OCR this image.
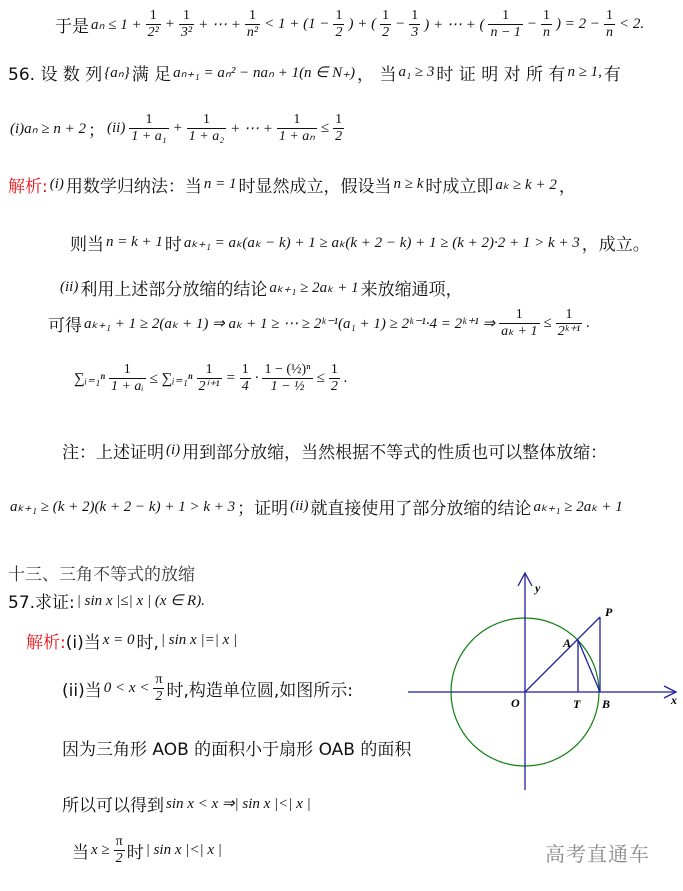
于是 $a_n \le 1 + \frac{1}{\text{2²}} + \frac{1}{\text{3²}}$ + ⋯ + $\frac{1}{\text{n²}} < 1 + (1 - \frac{1}{2}$ ) + ( $\frac{1}{2} - \frac{1}{3}$ ) + ⋯ + ( $\frac{1}{n - 1} - \frac{1}{n}$ ) = $2 - \frac{1}{n} < 2$.
56. 设 数 列 {aₙ} 满 足 aₙ₊₁ = aₙ² − naₙ + 1(n ∈ N₊) ， 当 a₁ ≥ 3 时 证 明 对 所 有 n ≥ 1, 有
(i)aₙ ≥ n + 2 ； $(ii) \frac{1}{\text{1 + a₁}} + \frac{1}{\text{1 + a₂}}$ + ⋯ + $\frac{1}{\text{1 + aₙ}} \le \frac{1}{2}$
解析: (i) 用数学归纳法：当 n = 1 时显然成立，假设当 n ≥ k 时成立即 aₖ ≥ k + 2 ，
则当 n = k + 1 时 aₖ₊₁ = aₖ(aₖ − k) + 1 ≥ aₖ(k + 2 − k) + 1 ≥ (k + 2)·2 + 1 > k + 3 ，成立。
(ii) 利用上述部分放缩的结论 aₖ₊₁ ≥ 2aₖ + 1 来放缩通项，
可得 aₖ₊₁ + 1 ≥ 2(aₖ + 1) ⇒ aₖ + 1 ≥ ⋯ ≥ 2ᵏ⁻¹(a₁ + 1) ≥ 2ᵏ⁻¹·4 = 2ᵏ⁺¹ ⇒ $\frac{1}{\text{aₖ + 1}} \le \frac{1}{\text{2ᵏ⁺¹}}$ .
∑ᵢ₌₁ⁿ $\frac{1}{\text{1 + aᵢ}}$ ≤ ∑ᵢ₌₁ⁿ $\frac{1}{\text{2ⁱ⁺¹}} = \frac{1}{4} \cdot \frac{\text{1 − (½)ⁿ}}{\text{1 − ½}} \le \frac{1}{2}$ .
注：上述证明 (i) 用到部分放缩，当然根据不等式的性质也可以整体放缩：
aₖ₊₁ ≥ (k + 2)(k + 2 − k) + 1 > k + 3 ；证明 (ii) 就直接使用了部分放缩的结论 aₖ₊₁ ≥ 2aₖ + 1
十三、三角不等式的放缩
57.求证: | sin x |≤| x | (x ∈ R).
解析: (i)当 x = 0 时, | sin x |=| x |
(ii)当 $0 < x < \frac{\pi}{2}$ 时,构造单位圆,如图所示:
因为三角形 AOB 的面积小于扇形 OAB 的面积
所以可以得到 sin x < x ⇒| sin x |<| x |
当 $x \ge \frac{\pi}{2}$ 时 | sin x |<| x |
y
P
A
O	T B	x
高考直通车
